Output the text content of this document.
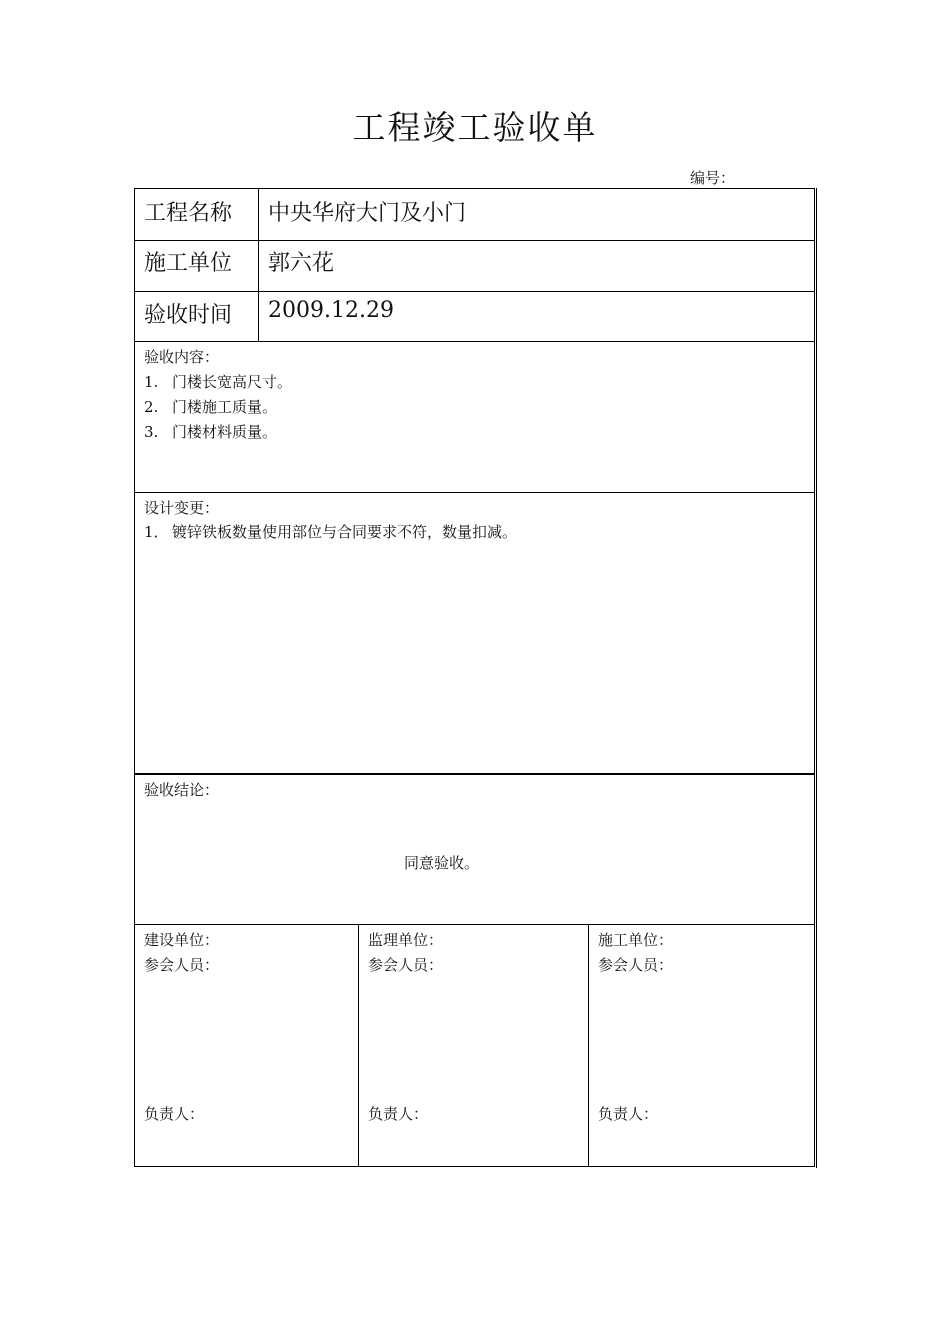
工程竣工验收单
编号：
工程名称 中央华府大门及小门
施工单位 郭六花
验收时间 2009.12.29
验收内容：
1. 门楼长宽高尺寸。
2. 门楼施工质量。
3. 门楼材料质量。
设计变更：
1． 镀锌铁板数量使用部位与合同要求不符，数量扣减。
验收结论：
同意验收。
建设单位：
参会人员：
负责人：
监理单位：
参会人员：
负责人：
施工单位：
参会人员：
负责人：
